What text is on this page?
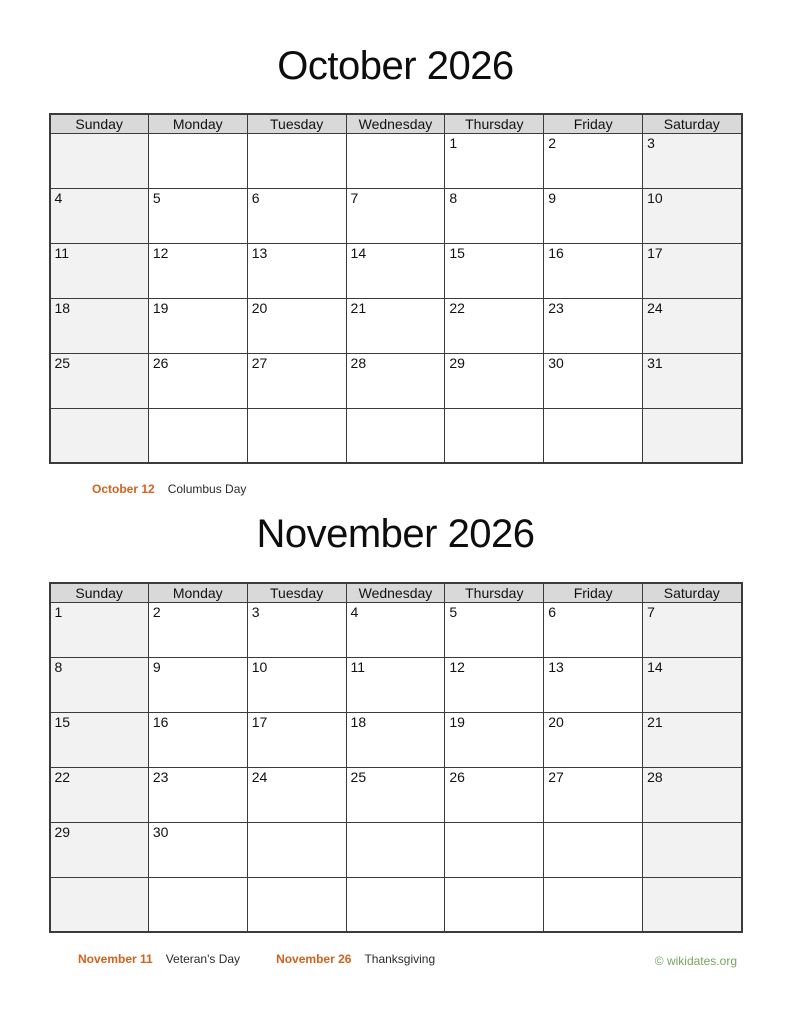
October 2026
Sunday	Monday	Tuesday	Wednesday	Thursday	Friday	Saturday
				1	2	3
4	5	6	7	8	9	10
11	12	13	14	15	16	17
18	19	20	21	22	23	24
25	26	27	28	29	30	31

October 12 Columbus Day
November 2026
Sunday	Monday	Tuesday	Wednesday	Thursday	Friday	Saturday
1	2	3	4	5	6	7
8	9	10	11	12	13	14
15	16	17	18	19	20	21
22	23	24	25	26	27	28
29	30					

November 11 Veteran's Day	November 26 Thanksgiving	© wikidates.org
